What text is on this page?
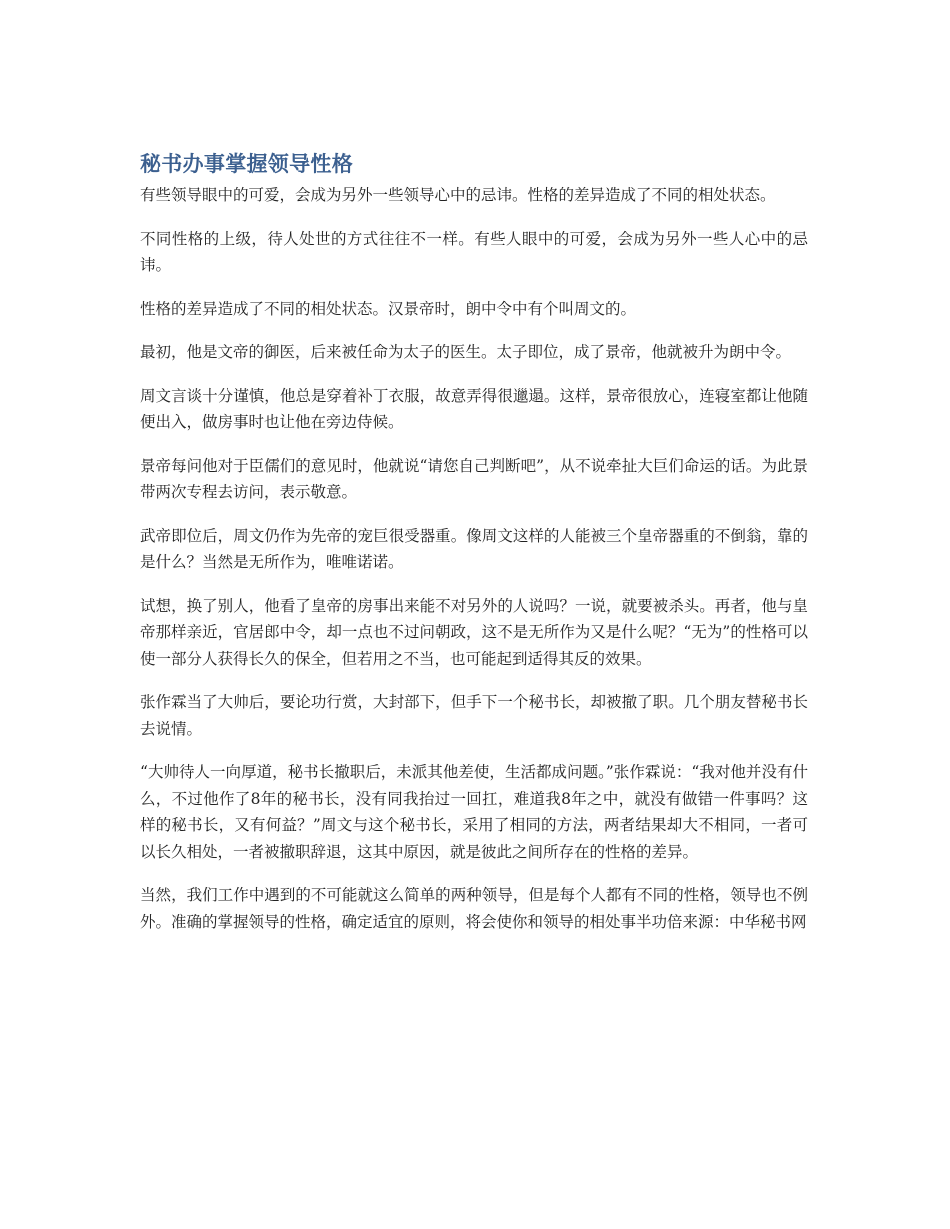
秘书办事掌握领导性格

有些领导眼中的可爱，会成为另外一些领导心中的忌讳。性格的差异造成了不同的相处状态。

不同性格的上级，待人处世的方式往往不一样。有些人眼中的可爱，会成为另外一些人心中的忌讳。

性格的差异造成了不同的相处状态。汉景帝时，朗中令中有个叫周文的。

最初，他是文帝的御医，后来被任命为太子的医生。太子即位，成了景帝，他就被升为朗中令。

周文言谈十分谨慎，他总是穿着补丁衣服，故意弄得很邋遢。这样，景帝很放心，连寝室都让他随便出入，做房事时也让他在旁边侍候。

景帝每问他对于臣儒们的意见时，他就说“请您自己判断吧”，从不说牵扯大巨们命运的话。为此景带两次专程去访问，表示敬意。

武帝即位后，周文仍作为先帝的宠巨很受器重。像周文这样的人能被三个皇帝器重的不倒翁，靠的是什么？当然是无所作为，唯唯诺诺。

试想，换了别人，他看了皇帝的房事出来能不对另外的人说吗？一说，就要被杀头。再者，他与皇帝那样亲近，官居郎中令，却一点也不过问朝政，这不是无所作为又是什么呢？“无为”的性格可以使一部分人获得长久的保全，但若用之不当，也可能起到适得其反的效果。

张作霖当了大帅后，要论功行赏，大封部下，但手下一个秘书长，却被撤了职。几个朋友替秘书长去说情。

“大帅待人一向厚道，秘书长撤职后，未派其他差使，生活都成问题。”张作霖说：“我对他并没有什么，不过他作了8年的秘书长，没有同我抬过一回扛，难道我8年之中，就没有做错一件事吗？这样的秘书长，又有何益？”周文与这个秘书长，采用了相同的方法，两者结果却大不相同，一者可以长久相处，一者被撤职辞退，这其中原因，就是彼此之间所存在的性格的差异。

当然，我们工作中遇到的不可能就这么简单的两种领导，但是每个人都有不同的性格，领导也不例外。准确的掌握领导的性格，确定适宜的原则，将会使你和领导的相处事半功倍来源：中华秘书网
